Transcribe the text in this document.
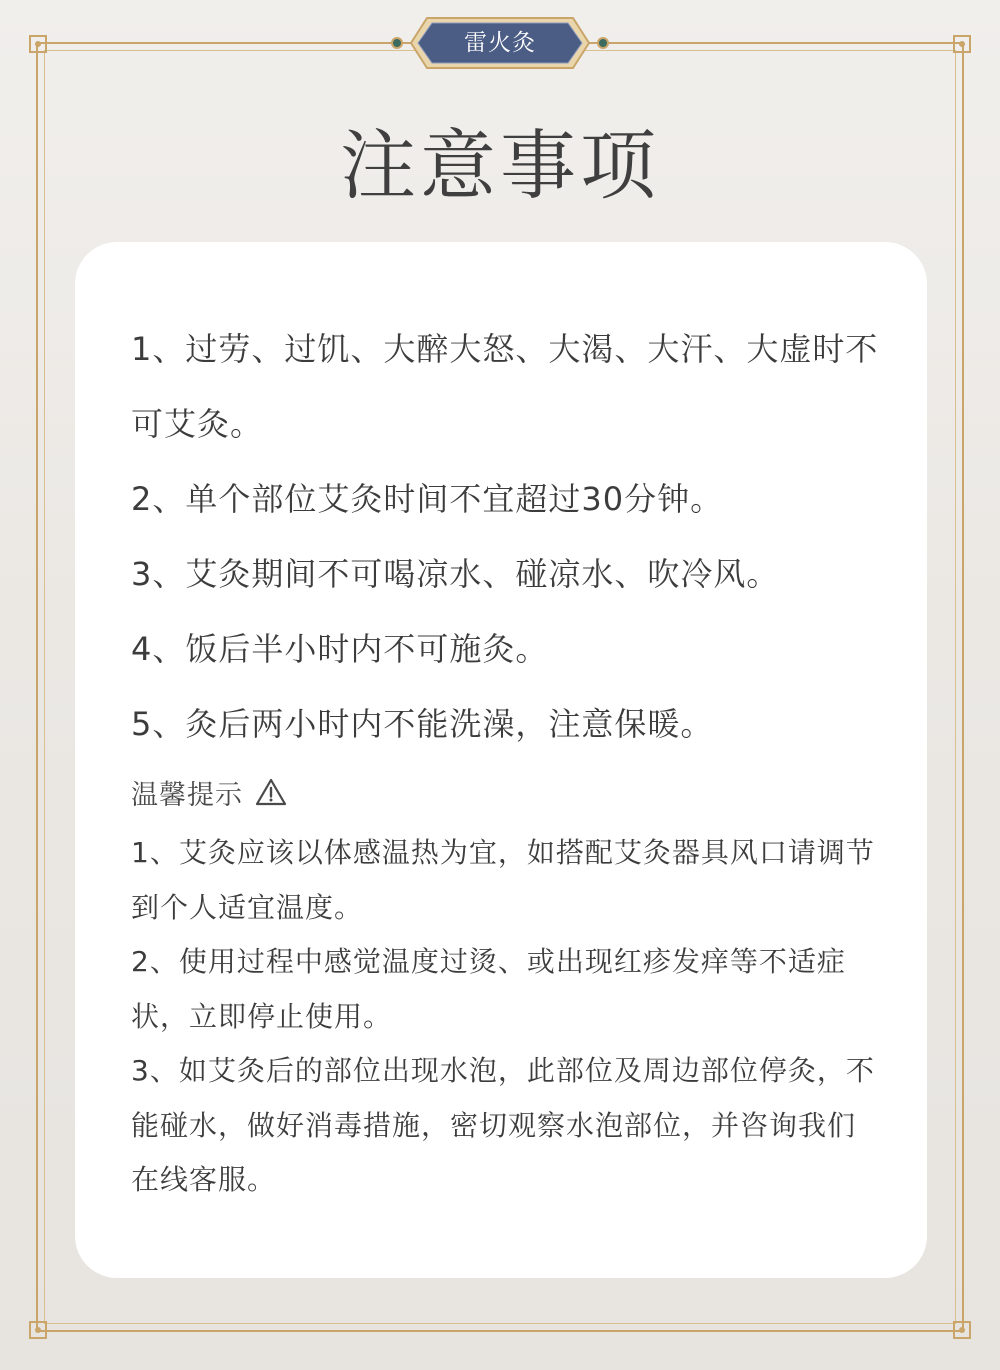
雷火灸
注意事项
1、过劳、过饥、大醉大怒、大渴、大汗、大虚时不可艾灸。
2、单个部位艾灸时间不宜超过30分钟。
3、艾灸期间不可喝凉水、碰凉水、吹冷风。
4、饭后半小时内不可施灸。
5、灸后两小时内不能洗澡，注意保暖。
温馨提示
1、艾灸应该以体感温热为宜，如搭配艾灸器具风口请调节到个人适宜温度。
2、使用过程中感觉温度过烫、或出现红疹发痒等不适症状，立即停止使用。
3、如艾灸后的部位出现水泡，此部位及周边部位停灸，不能碰水，做好消毒措施，密切观察水泡部位，并咨询我们在线客服。
